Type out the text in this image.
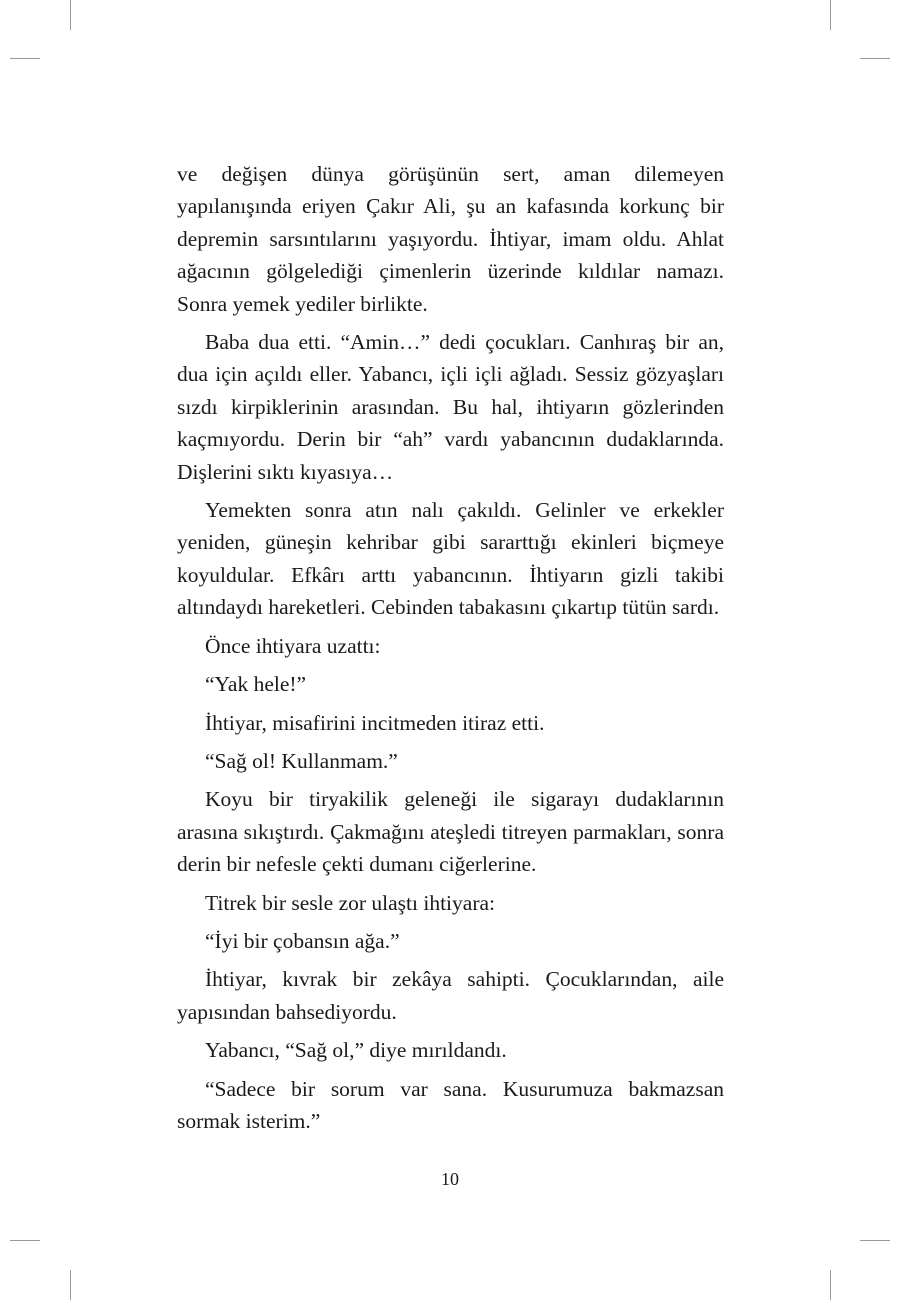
ve değişen dünya görüşünün sert, aman dilemeyen yapılanışında eriyen Çakır Ali, şu an kafasında korkunç bir depremin sarsıntılarını yaşıyordu. İhtiyar, imam oldu. Ahlat ağacının gölgelediği çimenlerin üzerinde kıldılar namazı. Sonra yemek yediler birlikte.

Baba dua etti. “Amin…” dedi çocukları. Canhıraş bir an, dua için açıldı eller. Yabancı, içli içli ağladı. Sessiz gözyaşları sızdı kirpiklerinin arasından. Bu hal, ihtiyarın gözlerinden kaçmıyordu. Derin bir “ah” vardı yabancının dudaklarında. Dişlerini sıktı kıyasıya…

Yemekten sonra atın nalı çakıldı. Gelinler ve erkekler yeniden, güneşin kehribar gibi sararttığı ekinleri biçmeye koyuldular. Efkârı arttı yabancının. İhtiyarın gizli takibi altındaydı hareketleri. Cebinden tabakasını çıkartıp tütün sardı.

Önce ihtiyara uzattı:

“Yak hele!”

İhtiyar, misafirini incitmeden itiraz etti.

“Sağ ol! Kullanmam.”

Koyu bir tiryakilik geleneği ile sigarayı dudaklarının arasına sıkıştırdı. Çakmağını ateşledi titreyen parmakları, sonra derin bir nefesle çekti dumanı ciğerlerine.

Titrek bir sesle zor ulaştı ihtiyara:

“İyi bir çobansın ağa.”

İhtiyar, kıvrak bir zekâya sahipti. Çocuklarından, aile yapısından bahsediyordu.

Yabancı, “Sağ ol,” diye mırıldandı.

“Sadece bir sorum var sana. Kusurumuza bakmazsan sormak isterim.”

10
